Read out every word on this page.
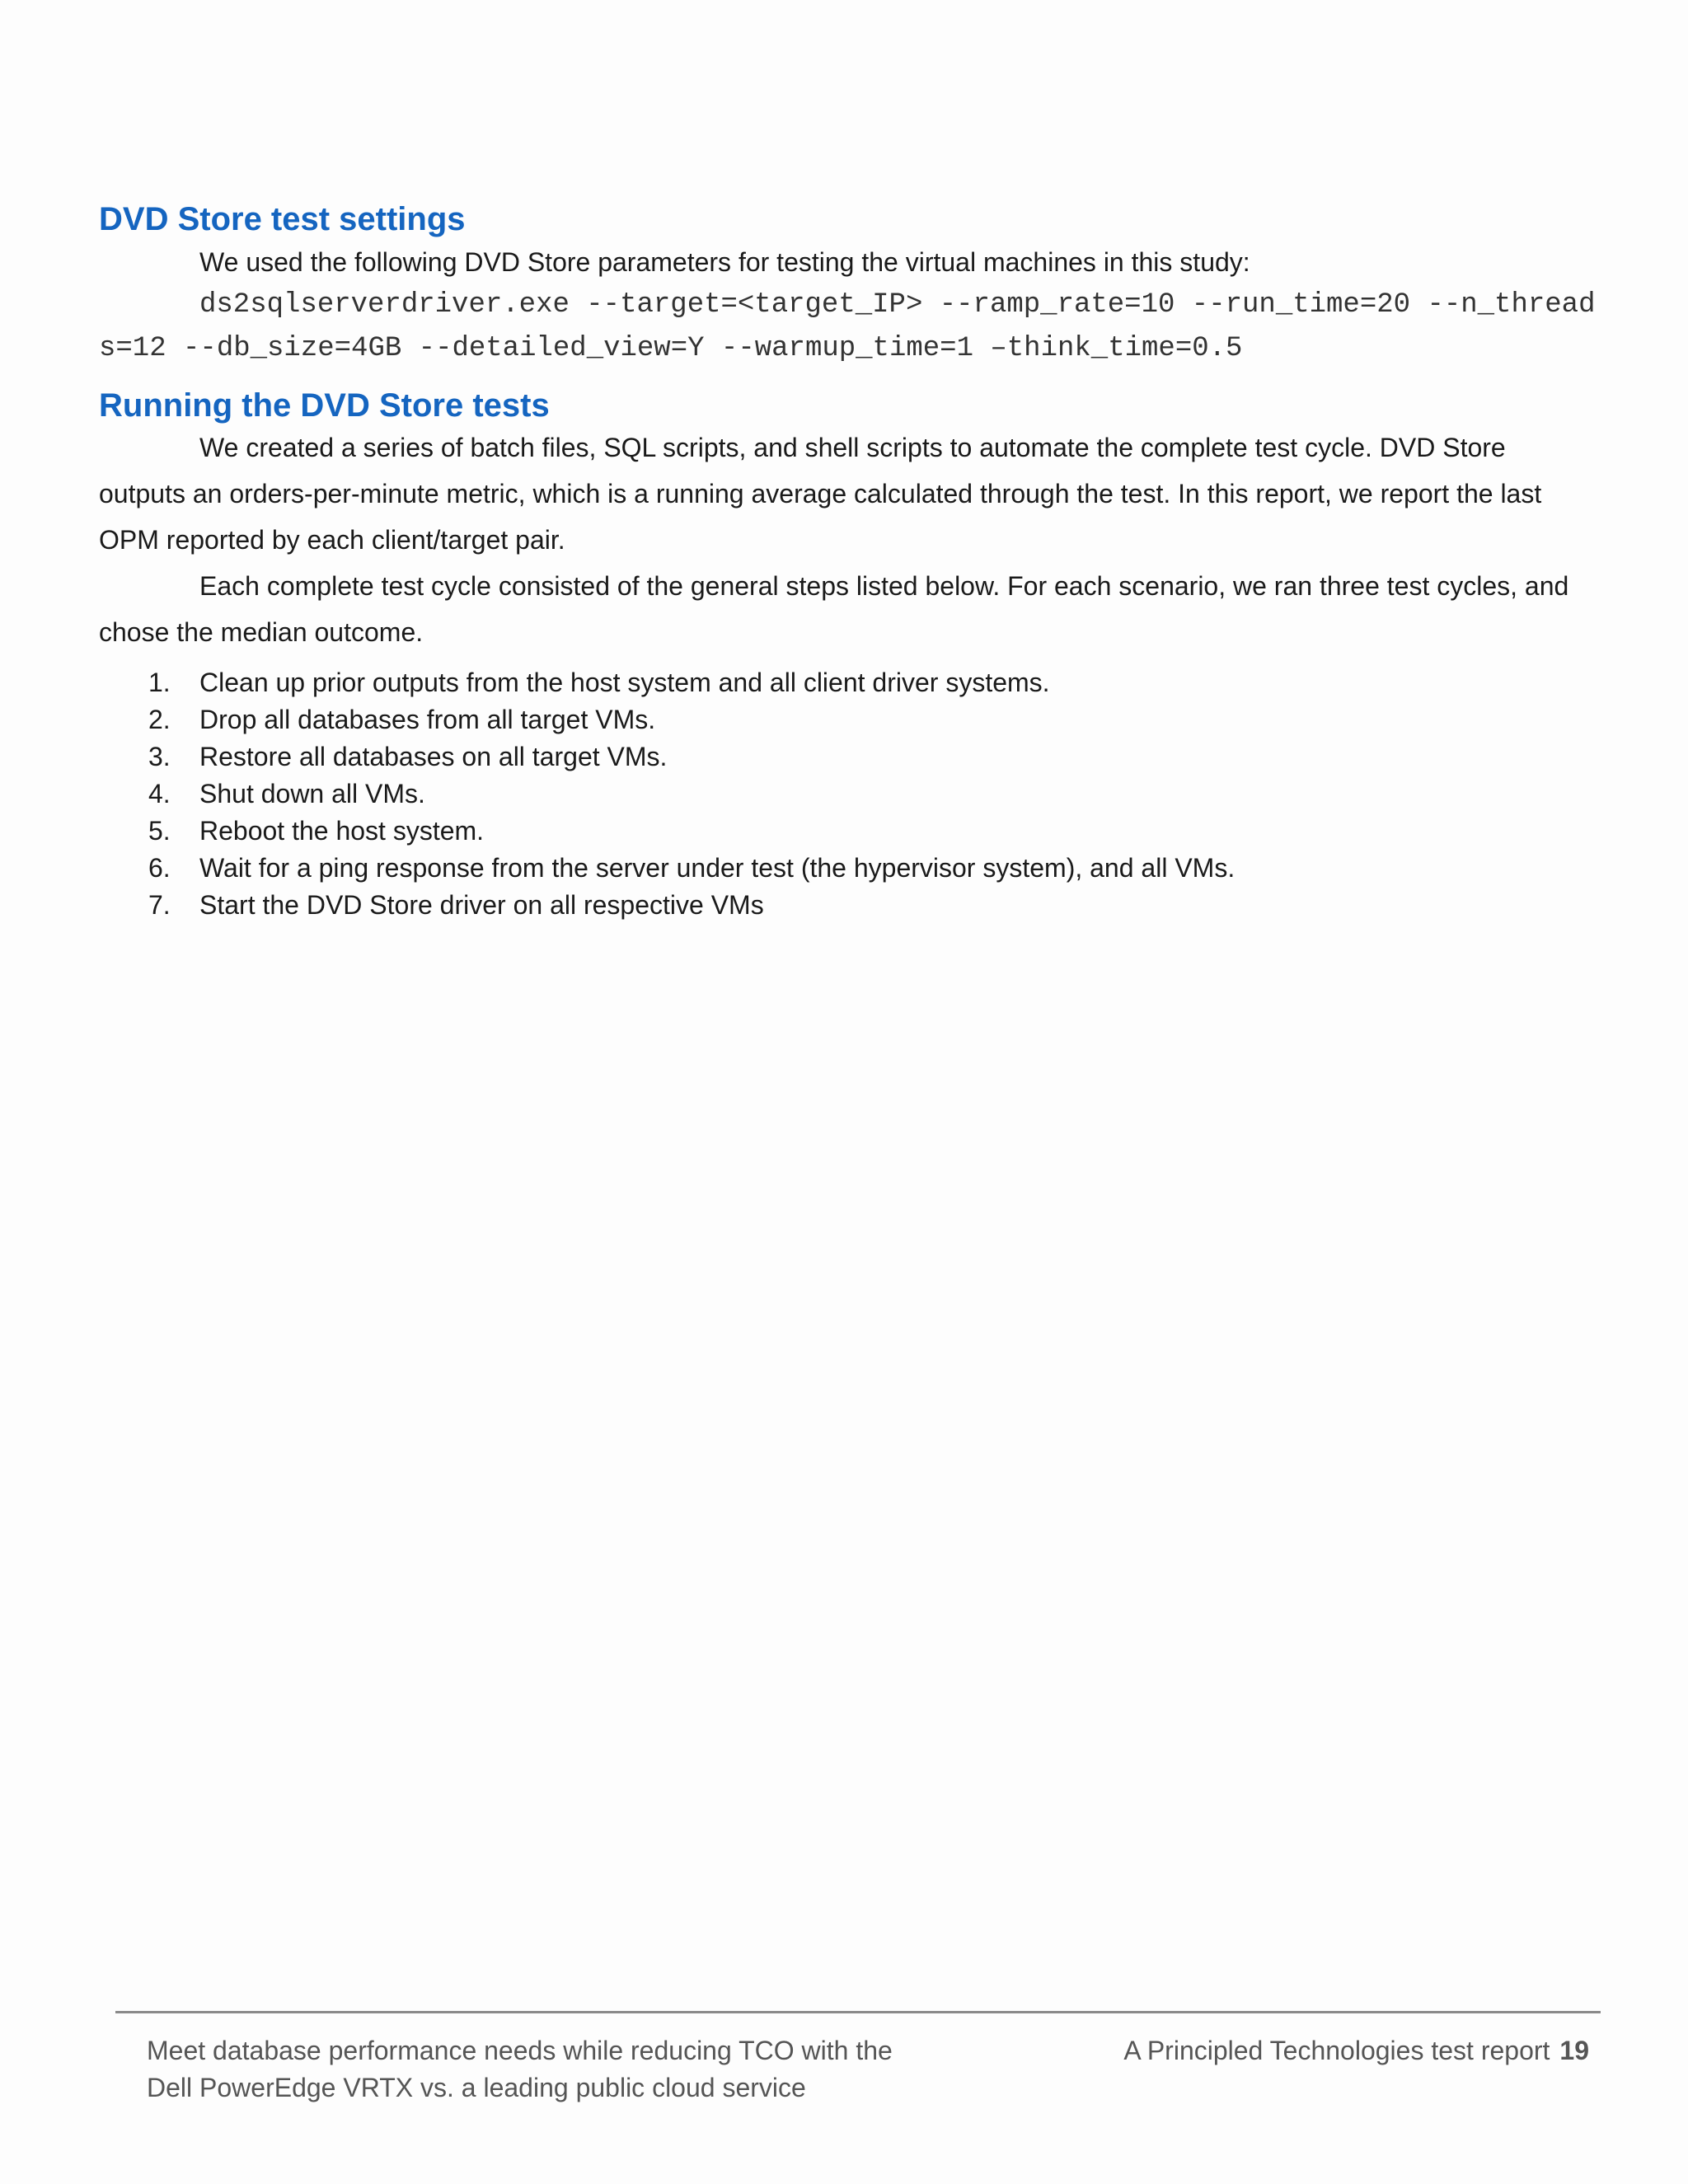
DVD Store test settings

We used the following DVD Store parameters for testing the virtual machines in this study:

ds2sqlserverdriver.exe --target=<target_IP> --ramp_rate=10 --run_time=20 --n_threads=12 --db_size=4GB --detailed_view=Y --warmup_time=1 –think_time=0.5

Running the DVD Store tests

We created a series of batch files, SQL scripts, and shell scripts to automate the complete test cycle. DVD Store outputs an orders-per-minute metric, which is a running average calculated through the test. In this report, we report the last OPM reported by each client/target pair.

Each complete test cycle consisted of the general steps listed below. For each scenario, we ran three test cycles, and chose the median outcome.

1.	Clean up prior outputs from the host system and all client driver systems.
2.	Drop all databases from all target VMs.
3.	Restore all databases on all target VMs.
4.	Shut down all VMs.
5.	Reboot the host system.
6.	Wait for a ping response from the server under test (the hypervisor system), and all VMs.
7.	Start the DVD Store driver on all respective VMs
Meet database performance needs while reducing TCO with the
Dell PowerEdge VRTX vs. a leading public cloud service
A Principled Technologies test report 19
